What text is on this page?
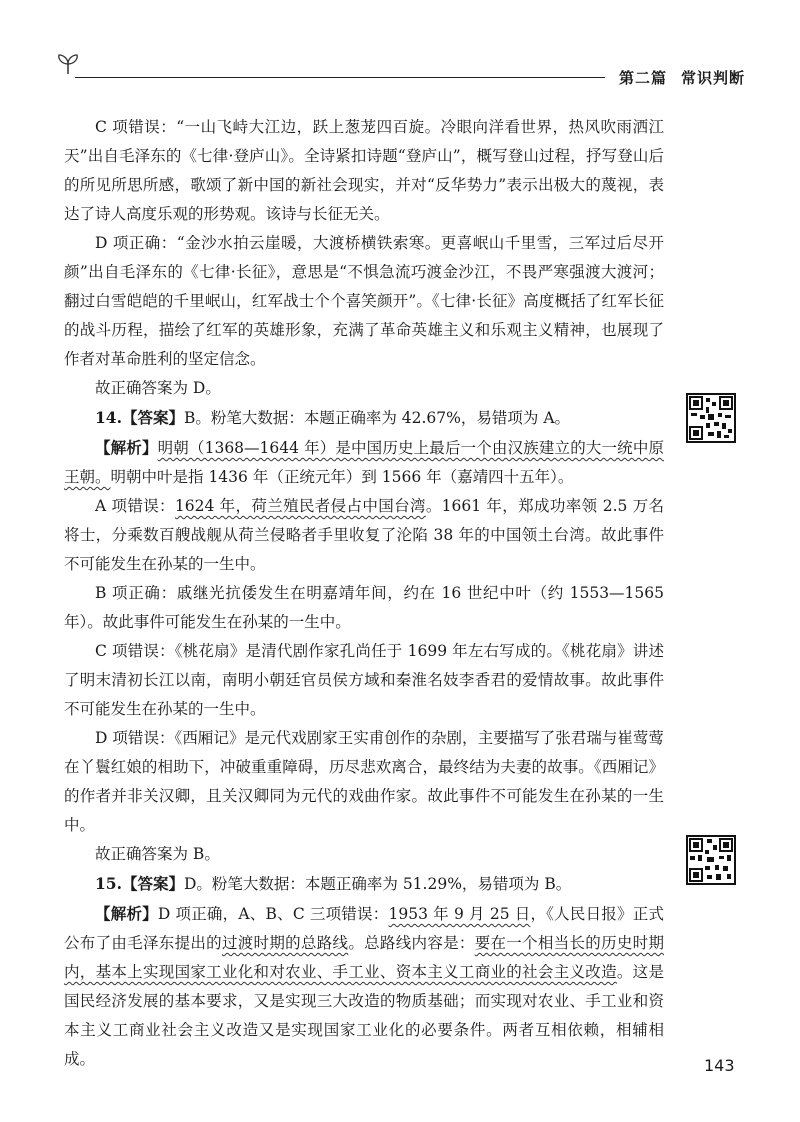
第二篇 常识判断

C 项错误：“一山飞峙大江边，跃上葱茏四百旋。冷眼向洋看世界，热风吹雨洒江天”出自毛泽东的《七律·登庐山》。全诗紧扣诗题“登庐山”，概写登山过程，抒写登山后的所见所思所感，歌颂了新中国的新社会现实，并对“反华势力”表示出极大的蔑视，表达了诗人高度乐观的形势观。该诗与长征无关。

D 项正确：“金沙水拍云崖暖，大渡桥横铁索寒。更喜岷山千里雪，三军过后尽开颜”出自毛泽东的《七律·长征》，意思是“不惧急流巧渡金沙江，不畏严寒强渡大渡河；翻过白雪皑皑的千里岷山，红军战士个个喜笑颜开”。《七律·长征》高度概括了红军长征的战斗历程，描绘了红军的英雄形象，充满了革命英雄主义和乐观主义精神，也展现了作者对革命胜利的坚定信念。

故正确答案为 D。

14.【答案】B。粉笔大数据：本题正确率为 42.67%，易错项为 A。

【解析】明朝（1368—1644 年）是中国历史上最后一个由汉族建立的大一统中原王朝。明朝中叶是指 1436 年（正统元年）到 1566 年（嘉靖四十五年）。

A 项错误：1624 年，荷兰殖民者侵占中国台湾。1661 年，郑成功率领 2.5 万名将士，分乘数百艘战舰从荷兰侵略者手里收复了沦陷 38 年的中国领土台湾。故此事件不可能发生在孙某的一生中。

B 项正确：戚继光抗倭发生在明嘉靖年间，约在 16 世纪中叶（约 1553—1565 年）。故此事件可能发生在孙某的一生中。

C 项错误：《桃花扇》是清代剧作家孔尚任于 1699 年左右写成的。《桃花扇》讲述了明末清初长江以南，南明小朝廷官员侯方域和秦淮名妓李香君的爱情故事。故此事件不可能发生在孙某的一生中。

D 项错误：《西厢记》是元代戏剧家王实甫创作的杂剧，主要描写了张君瑞与崔莺莺在丫鬟红娘的相助下，冲破重重障碍，历尽悲欢离合，最终结为夫妻的故事。《西厢记》的作者并非关汉卿，且关汉卿同为元代的戏曲作家。故此事件不可能发生在孙某的一生中。

故正确答案为 B。

15.【答案】D。粉笔大数据：本题正确率为 51.29%，易错项为 B。

【解析】D 项正确，A、B、C 三项错误：1953 年 9 月 25 日，《人民日报》正式公布了由毛泽东提出的过渡时期的总路线。总路线内容是：要在一个相当长的历史时期内，基本上实现国家工业化和对农业、手工业、资本主义工商业的社会主义改造。这是国民经济发展的基本要求，又是实现三大改造的物质基础；而实现对农业、手工业和资本主义工商业社会主义改造又是实现国家工业化的必要条件。两者互相依赖，相辅相成。	143
